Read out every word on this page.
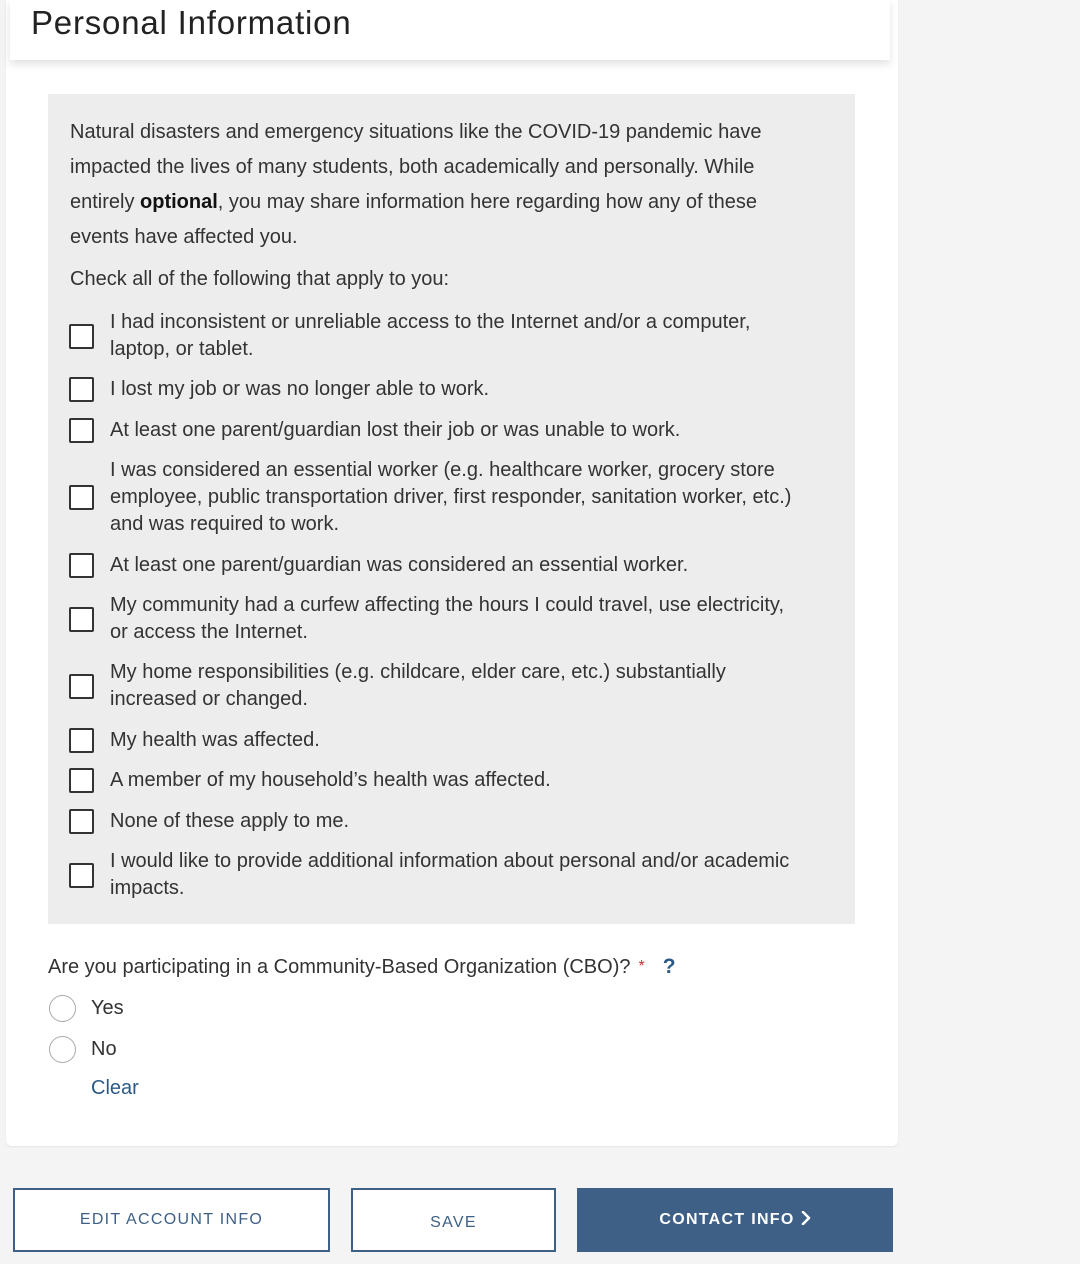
Personal Information
Natural disasters and emergency situations like the COVID-19 pandemic have impacted the lives of many students, both academically and personally. While entirely optional, you may share information here regarding how any of these events have affected you.
Check all of the following that apply to you:
I had inconsistent or unreliable access to the Internet and/or a computer, laptop, or tablet.
I lost my job or was no longer able to work.
At least one parent/guardian lost their job or was unable to work.
I was considered an essential worker (e.g. healthcare worker, grocery store employee, public transportation driver, first responder, sanitation worker, etc.) and was required to work.
At least one parent/guardian was considered an essential worker.
My community had a curfew affecting the hours I could travel, use electricity, or access the Internet.
My home responsibilities (e.g. childcare, elder care, etc.) substantially increased or changed.
My health was affected.
A member of my household’s health was affected.
None of these apply to me.
I would like to provide additional information about personal and/or academic impacts.
Are you participating in a Community-Based Organization (CBO)? * ?
Yes
No
Clear
EDIT ACCOUNT INFO	SAVE	CONTACT INFO
